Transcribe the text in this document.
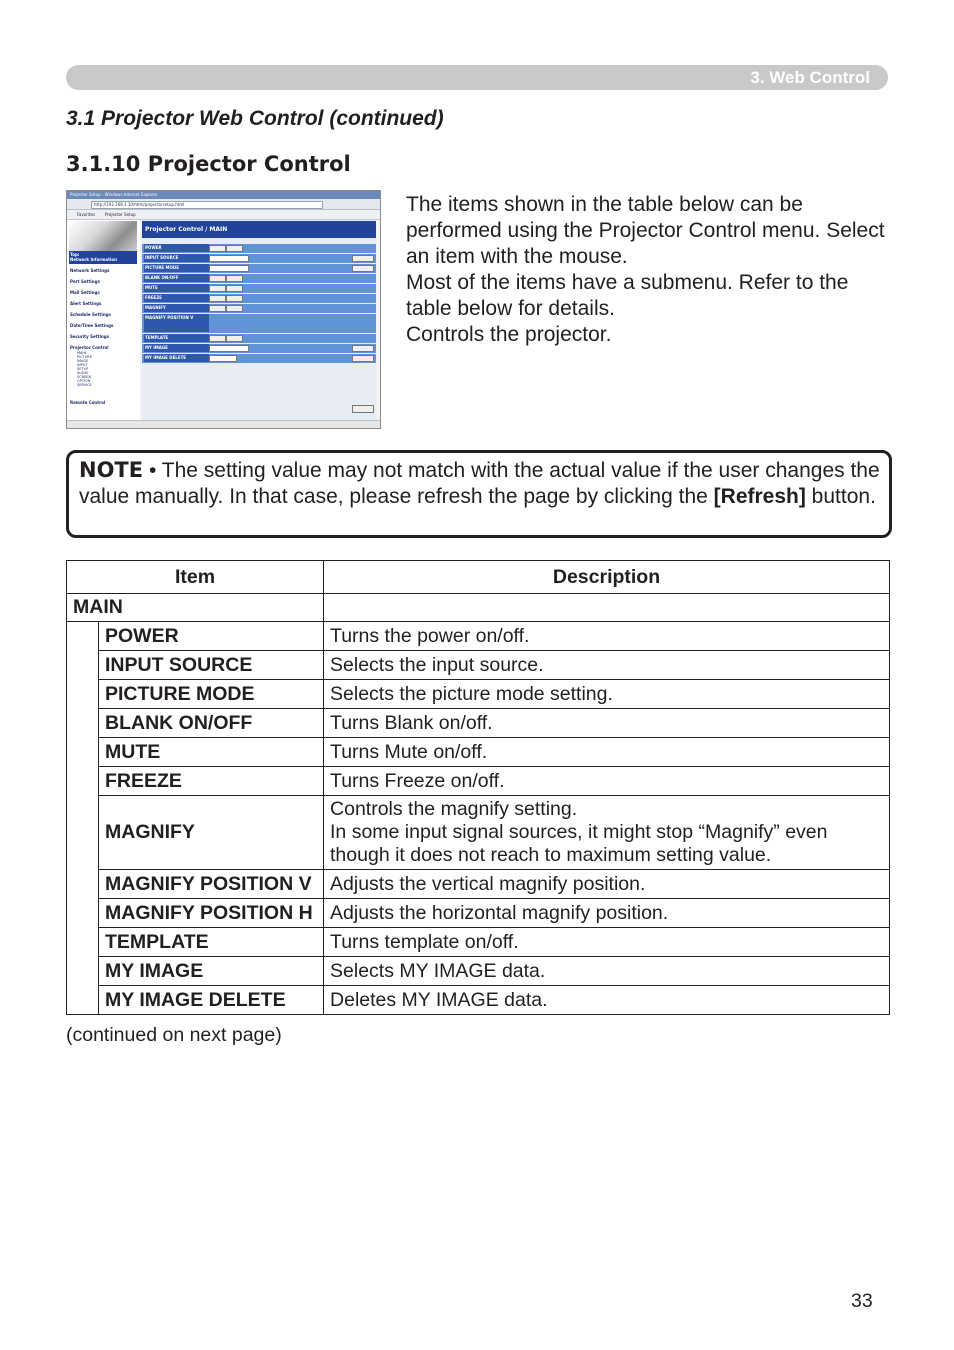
3. Web Control
3.1 Projector Web Control (continued)
3.1.10 Projector Control
Projector Setup - Windows Internet Explorer
http://192.168.1.10/html/projectorsetup.html
Favorites Projector Setup
Top:
Network Information
Network Settings
Port Settings
Mail Settings
Alert Settings
Schedule Settings
Date/Time Settings
Security Settings
Projector Control
MAIN
PICTURE
IMAGE
INPUT
SETUP
AUDIO
SCREEN
OPTION
SERVICE
Remote Control
Projector Control / MAIN
POWER
INPUT SOURCE
PICTURE MODE
BLANK ON/OFF
MUTE
FREEZE
MAGNIFY
MAGNIFY POSITION V
TEMPLATE
MY IMAGE
MY IMAGE DELETE

The items shown in the table below can be performed using the Projector Control menu. Select an item with the mouse.

Most of the items have a submenu. Refer to the table below for details.

Controls the projector.

NOTE • The setting value may not match with the actual value if the user changes the value manually. In that case, please refresh the page by clicking the [Refresh] button.
Item		Description
MAIN		
	POWER	Turns the power on/off.
	INPUT SOURCE	Selects the input source.
	PICTURE MODE	Selects the picture mode setting.
	BLANK ON/OFF	Turns Blank on/off.
	MUTE	Turns Mute on/off.
	FREEZE	Turns Freeze on/off.
	MAGNIFY	Controls the magnify setting.
In some input signal sources, it might stop “Magnify” even though it does not reach to maximum setting value.

	MAGNIFY POSITION V	Adjusts the vertical magnify position.
	MAGNIFY POSITION H	Adjusts the horizontal magnify position.
	TEMPLATE	Turns template on/off.
	MY IMAGE	Selects MY IMAGE data.
	MY IMAGE DELETE	Deletes MY IMAGE data.
(continued on next page)
33
